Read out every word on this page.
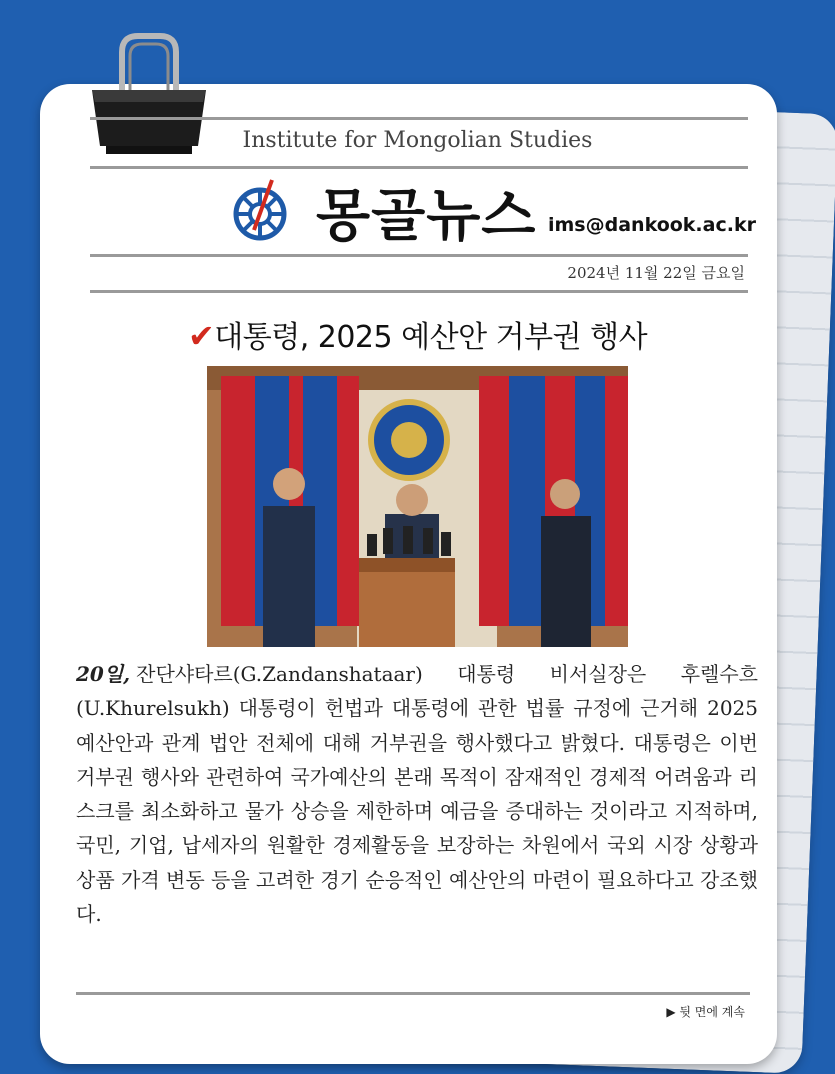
Institute for Mongolian Studies
몽골뉴스 ims@dankook.ac.kr
2024년 11월 22일 금요일
✔대통령, 2025 예산안 거부권 행사

20일, 잔단샤타르(G.Zandanshataar) 대통령 비서실장은 후렐수흐(U.Khurelsukh) 대통령이 헌법과 대통령에 관한 법률 규정에 근거해 2025 예산안과 관계 법안 전체에 대해 거부권을 행사했다고 밝혔다. 대통령은 이번 거부권 행사와 관련하여 국가예산의 본래 목적이 잠재적인 경제적 어려움과 리스크를 최소화하고 물가 상승을 제한하며 예금을 증대하는 것이라고 지적하며, 국민, 기업, 납세자의 원활한 경제활동을 보장하는 차원에서 국외 시장 상황과 상품 가격 변동 등을 고려한 경기 순응적인 예산안의 마련이 필요하다고 강조했다.

▶ 뒷 면에 계속
